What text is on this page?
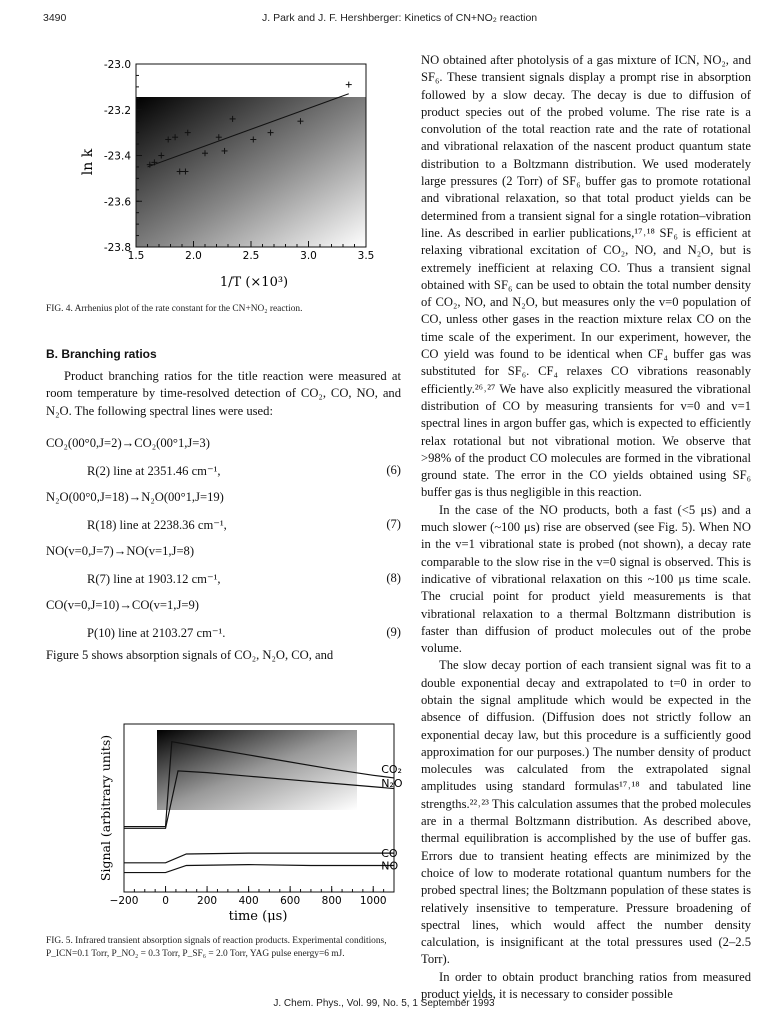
3490	J. Park and J. F. Hershberger: Kinetics of CN+NO₂ reaction
-23.0
-23.2
-23.4
-23.6
-23.8
1.5	2.0	2.5	3.0	3.5
ln k
1/T (×10³)
FIG. 4. Arrhenius plot of the rate constant for the CN+NO₂ reaction.
B. Branching ratios

Product branching ratios for the title reaction were measured at room temperature by time-resolved detection of CO₂, CO, NO, and N₂O. The following spectral lines were used:

CO₂(00°0,J=2)→CO₂(00°1,J=3)
R(2) line at 2351.46 cm⁻¹,	(6)
N₂O(00°0,J=18)→N₂O(00°1,J=19)
R(18) line at 2238.36 cm⁻¹,	(7)
NO(v=0,J=7)→NO(v=1,J=8)
R(7) line at 1903.12 cm⁻¹,	(8)
CO(v=0,J=10)→CO(v=1,J=9)
P(10) line at 2103.27 cm⁻¹.	(9)

Figure 5 shows absorption signals of CO₂, N₂O, CO, and

−200 0	200 400 600 800 1000
CO₂
N₂O
CO
NO
Signal (arbitrary units)
time (μs)
FIG. 5. Infrared transient absorption signals of reaction products. Experimental conditions, P_ICN=0.1 Torr, P_NO₂ = 0.3 Torr, P_SF₆ = 2.0 Torr, YAG pulse energy=6 mJ.

NO obtained after photolysis of a gas mixture of ICN, NO₂, and SF₆. These transient signals display a prompt rise in absorption followed by a slow decay. The decay is due to diffusion of product species out of the probed volume. The rise rate is a convolution of the total reaction rate and the rate of rotational and vibrational relaxation of the nascent product quantum state distribution to a Boltzmann distribution. We used moderately large pressures (2 Torr) of SF₆ buffer gas to promote rotational and vibrational relaxation, so that total product yields can be determined from a transient signal for a single rotation–vibration line. As described in earlier publications,¹⁷˒¹⁸ SF₆ is efficient at relaxing vibrational excitation of CO₂, NO, and N₂O, but is extremely inefficient at relaxing CO. Thus a transient signal obtained with SF₆ can be used to obtain the total number density of CO₂, NO, and N₂O, but measures only the v=0 population of CO, unless other gases in the reaction mixture relax CO on the time scale of the experiment. In our experiment, however, the CO yield was found to be identical when CF₄ buffer gas was substituted for SF₆. CF₄ relaxes CO vibrations reasonably efficiently.²⁶˒²⁷ We have also explicitly measured the vibrational distribution of CO by measuring transients for v=0 and v=1 spectral lines in argon buffer gas, which is expected to efficiently relax rotational but not vibrational motion. We observe that >98% of the product CO molecules are formed in the vibrational ground state. The error in the CO yields obtained using SF₆ buffer gas is thus negligible in this reaction.

In the case of the NO products, both a fast (<5 μs) and a much slower (~100 μs) rise are observed (see Fig. 5). When NO in the v=1 vibrational state is probed (not shown), a decay rate comparable to the slow rise in the v=0 signal is observed. This is indicative of vibrational relaxation on this ~100 μs time scale. The crucial point for product yield measurements is that vibrational relaxation to a thermal Boltzmann distribution is faster than diffusion of product molecules out of the probe volume.

The slow decay portion of each transient signal was fit to a double exponential decay and extrapolated to t=0 in order to obtain the signal amplitude which would be expected in the absence of diffusion. (Diffusion does not strictly follow an exponential decay law, but this procedure is a sufficiently good approximation for our purposes.) The number density of product molecules was calculated from the extrapolated signal amplitudes using standard formulas¹⁷˒¹⁸ and tabulated line strengths.²²˒²³ This calculation assumes that the probed molecules are in a thermal Boltzmann distribution. As described above, thermal equilibration is accomplished by the use of buffer gas. Errors due to transient heating effects are minimized by the choice of low to moderate rotational quantum numbers for the probed spectral lines; the Boltzmann population of these states is relatively insensitive to temperature. Pressure broadening of spectral lines, which would affect the number density calculation, is insignificant at the total pressures used (2–2.5 Torr).

In order to obtain product branching ratios from measured product yields, it is necessary to consider possible

J. Chem. Phys., Vol. 99, No. 5, 1 September 1993
